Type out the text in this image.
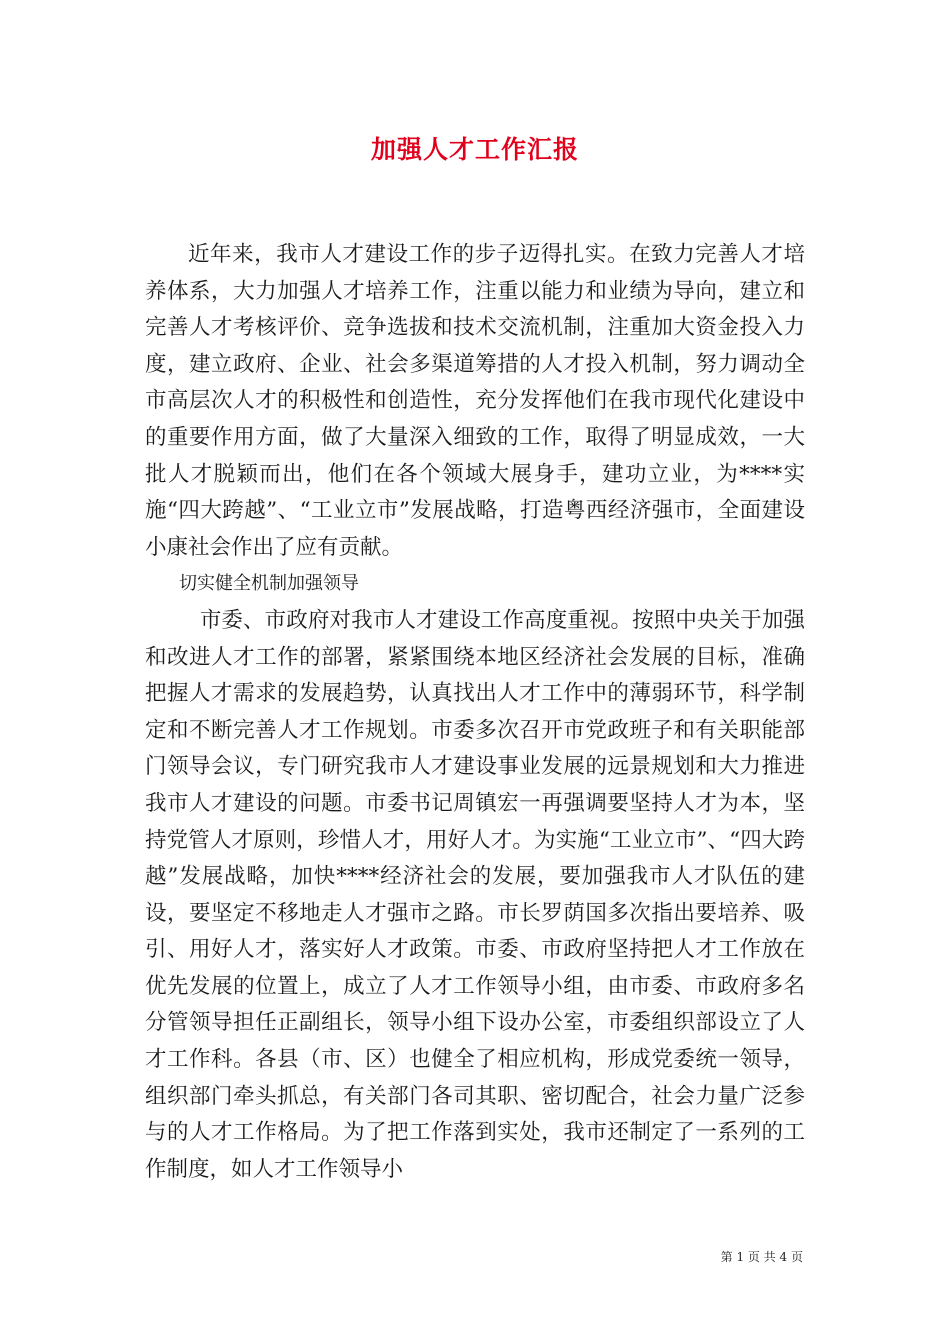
加强人才工作汇报

近年来，我市人才建设工作的步子迈得扎实。在致力完善人才培养体系，大力加强人才培养工作，注重以能力和业绩为导向，建立和完善人才考核评价、竞争选拔和技术交流机制，注重加大资金投入力度，建立政府、企业、社会多渠道筹措的人才投入机制，努力调动全市高层次人才的积极性和创造性，充分发挥他们在我市现代化建设中的重要作用方面，做了大量深入细致的工作，取得了明显成效，一大批人才脱颖而出，他们在各个领域大展身手，建功立业，为****实施“四大跨越”、“工业立市”发展战略，打造粤西经济强市，全面建设小康社会作出了应有贡献。

切实健全机制加强领导

市委、市政府对我市人才建设工作高度重视。按照中央关于加强和改进人才工作的部署，紧紧围绕本地区经济社会发展的目标，准确把握人才需求的发展趋势，认真找出人才工作中的薄弱环节，科学制定和不断完善人才工作规划。市委多次召开市党政班子和有关职能部门领导会议，专门研究我市人才建设事业发展的远景规划和大力推进我市人才建设的问题。市委书记周镇宏一再强调要坚持人才为本，坚持党管人才原则，珍惜人才，用好人才。为实施“工业立市”、“四大跨越”发展战略，加快****经济社会的发展，要加强我市人才队伍的建设，要坚定不移地走人才强市之路。市长罗荫国多次指出要培养、吸引、用好人才，落实好人才政策。市委、市政府坚持把人才工作放在优先发展的位置上，成立了人才工作领导小组，由市委、市政府多名分管领导担任正副组长，领导小组下设办公室，市委组织部设立了人才工作科。各县（市、区）也健全了相应机构，形成党委统一领导，组织部门牵头抓总，有关部门各司其职、密切配合，社会力量广泛参与的人才工作格局。为了把工作落到实处，我市还制定了一系列的工作制度，如人才工作领导小

第 1 页 共 4 页
